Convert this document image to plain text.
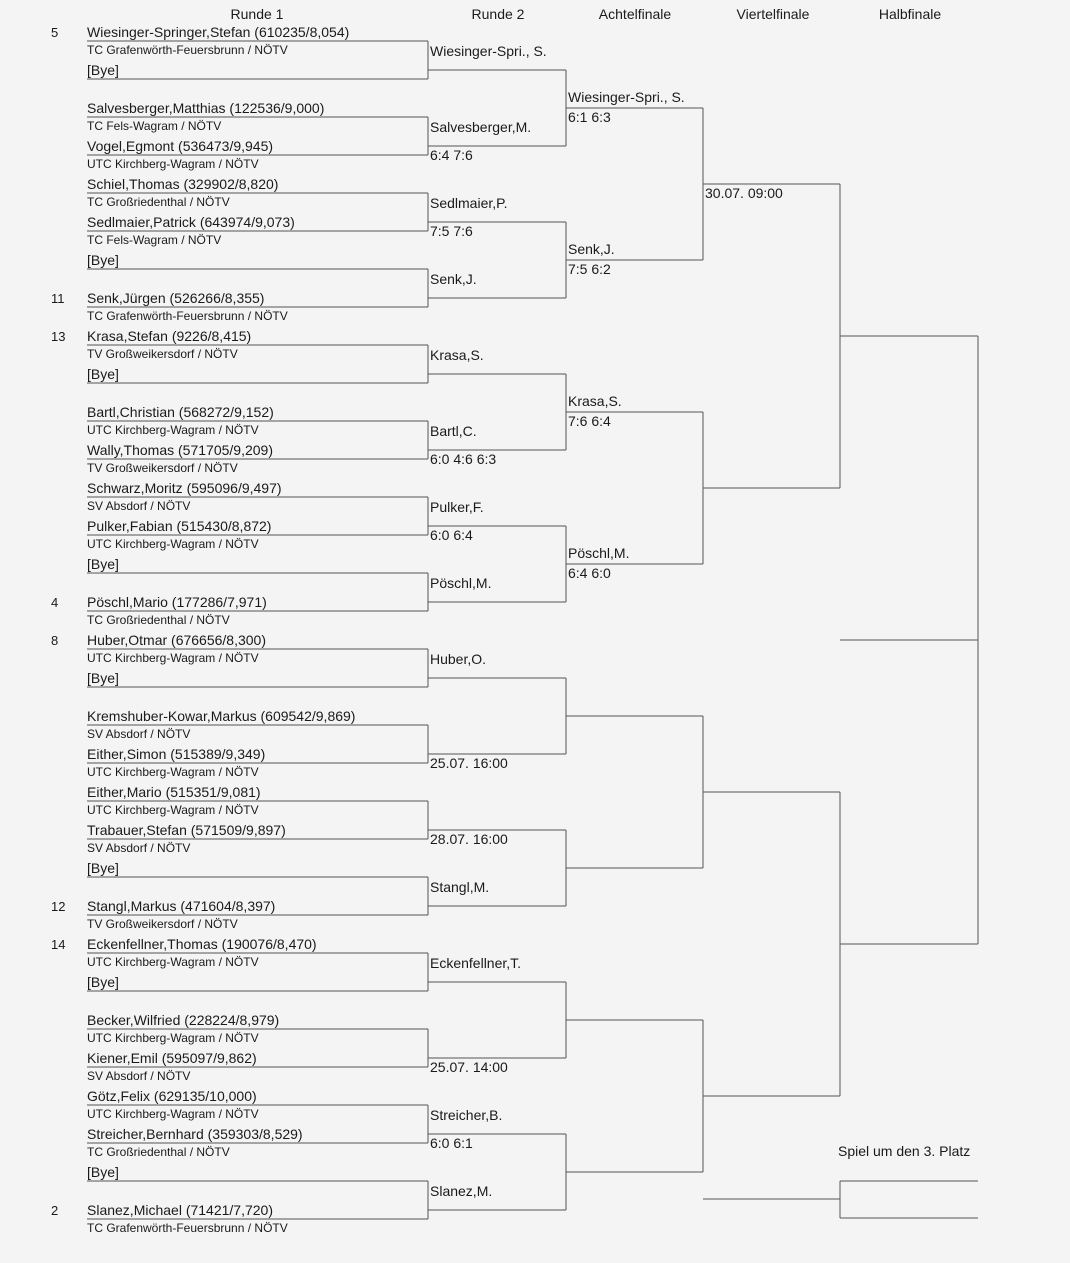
Runde 1	Runde 2	Achtelfinale	Viertelfinale	Halbfinale
Wiesinger-Springer,Stefan (610235/8,054)
TC Grafenwörth-Feuersbrunn / NÖTV
5
[Bye]
Salvesberger,Matthias (122536/9,000)
TC Fels-Wagram / NÖTV
Vogel,Egmont (536473/9,945)
UTC Kirchberg-Wagram / NÖTV
Schiel,Thomas (329902/8,820)
TC Großriedenthal / NÖTV
Sedlmaier,Patrick (643974/9,073)
TC Fels-Wagram / NÖTV
[Bye]
Senk,Jürgen (526266/8,355)
TC Grafenwörth-Feuersbrunn / NÖTV
11
Krasa,Stefan (9226/8,415)
TV Großweikersdorf / NÖTV
13
[Bye]
Bartl,Christian (568272/9,152)
UTC Kirchberg-Wagram / NÖTV
Wally,Thomas (571705/9,209)
TV Großweikersdorf / NÖTV
Schwarz,Moritz (595096/9,497)
SV Absdorf / NÖTV
Pulker,Fabian (515430/8,872)
UTC Kirchberg-Wagram / NÖTV
[Bye]
Pöschl,Mario (177286/7,971)
TC Großriedenthal / NÖTV
4
Huber,Otmar (676656/8,300)
UTC Kirchberg-Wagram / NÖTV
8
[Bye]
Kremshuber-Kowar,Markus (609542/9,869)
SV Absdorf / NÖTV
Either,Simon (515389/9,349)
UTC Kirchberg-Wagram / NÖTV
Either,Mario (515351/9,081)
UTC Kirchberg-Wagram / NÖTV
Trabauer,Stefan (571509/9,897)
SV Absdorf / NÖTV
[Bye]
Stangl,Markus (471604/8,397)
TV Großweikersdorf / NÖTV
12
Eckenfellner,Thomas (190076/8,470)
UTC Kirchberg-Wagram / NÖTV
14
[Bye]
Becker,Wilfried (228224/8,979)
UTC Kirchberg-Wagram / NÖTV
Kiener,Emil (595097/9,862)
SV Absdorf / NÖTV
Götz,Felix (629135/10,000)
UTC Kirchberg-Wagram / NÖTV
Streicher,Bernhard (359303/8,529)
TC Großriedenthal / NÖTV
[Bye]
Slanez,Michael (71421/7,720)
TC Grafenwörth-Feuersbrunn / NÖTV
2
Wiesinger-Spri., S.
Salvesberger,M.
6:4 7:6
Sedlmaier,P.
7:5 7:6
Senk,J.
Krasa,S.
Bartl,C.
6:0 4:6 6:3
Pulker,F.
6:0 6:4
Pöschl,M.
Huber,O.
25.07. 16:00
28.07. 16:00
Stangl,M.
Eckenfellner,T.
25.07. 14:00
Streicher,B.
6:0 6:1
Slanez,M.
Wiesinger-Spri., S.
6:1 6:3
Senk,J.
7:5 6:2
Krasa,S.
7:6 6:4
Pöschl,M.
6:4 6:0
30.07. 09:00
Spiel um den 3. Platz
